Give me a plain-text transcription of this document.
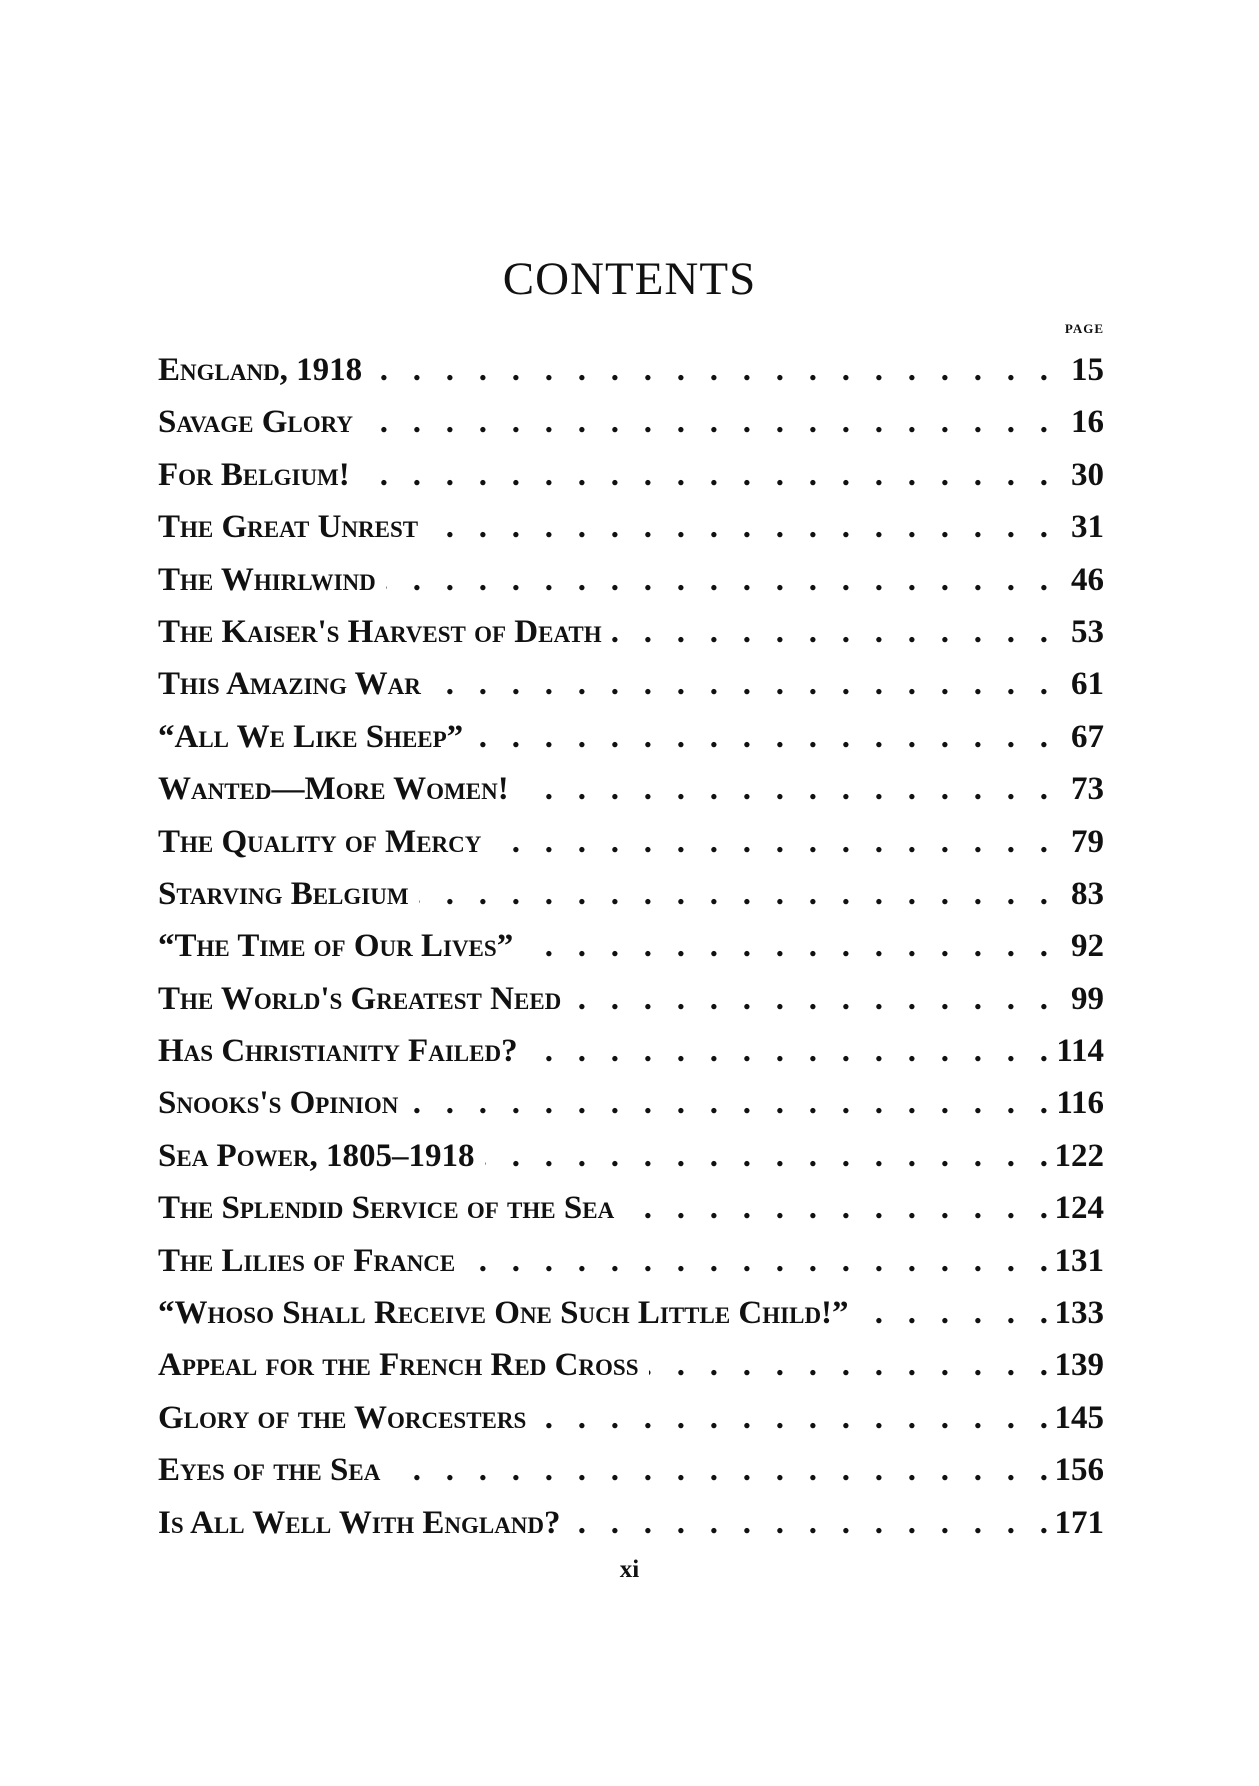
CONTENTS
PAGE
England, 1918 .   .	15
Savage Glory .   .	16
For Belgium! .   .	30
The Great Unrest .   .	31
The Whirlwind .   .	46
The Kaiser's Harvest of Death .   .	53
This Amazing War .   .	61
“All We Like Sheep” .   .	67
Wanted—More Women! .   .	73
The Quality of Mercy .   .	79
Starving Belgium .   .	83
“The Time of Our Lives” .   .	92
The World's Greatest Need .   .	99
Has Christianity Failed? .   .	114
Snooks's Opinion .   .	116
Sea Power, 1805–1918 .   .	122
The Splendid Service of the Sea .   .	124
The Lilies of France .   .	131
“Whoso Shall Receive One Such Little Child!” .   .	133
Appeal for the French Red Cross .   .	139
Glory of the Worcesters .   .	145
Eyes of the Sea .   .	156
Is All Well With England? .   .	171
xi
